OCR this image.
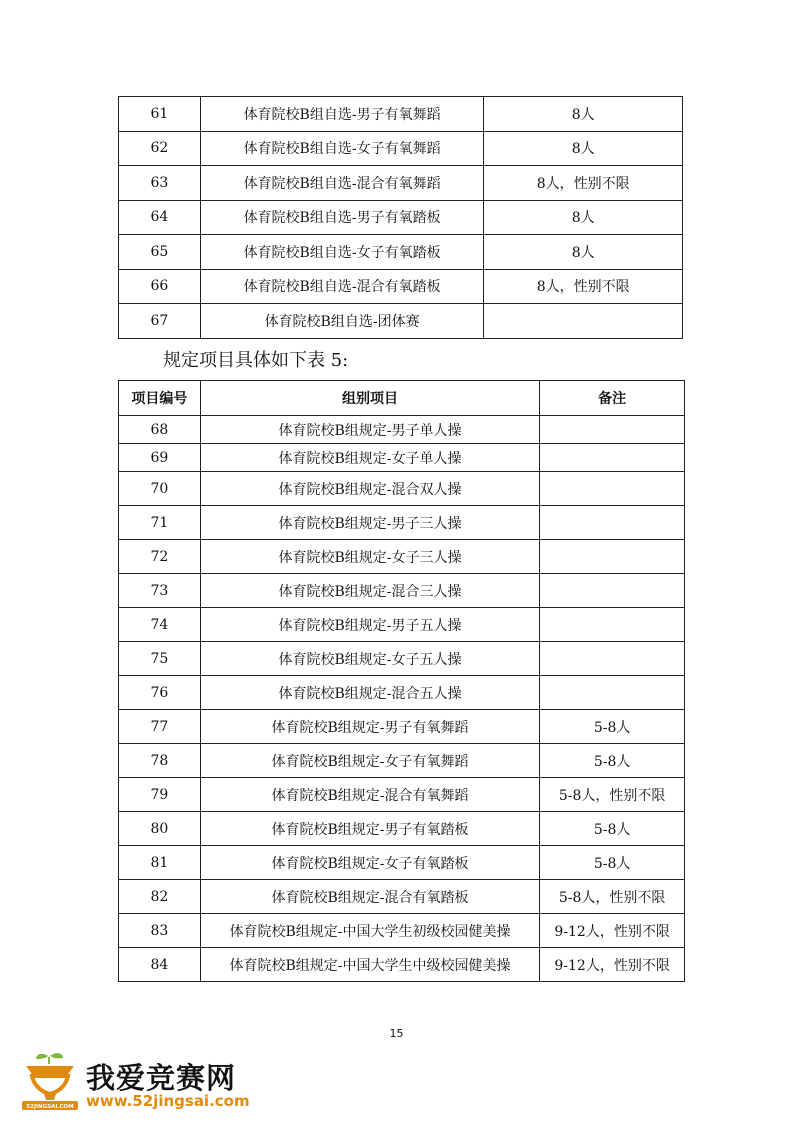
61	体育院校B组自选-男子有氧舞蹈	8人
62	体育院校B组自选-女子有氧舞蹈	8人
63	体育院校B组自选-混合有氧舞蹈	8人，性别不限
64	体育院校B组自选-男子有氧踏板	8人
65	体育院校B组自选-女子有氧踏板	8人
66	体育院校B组自选-混合有氧踏板	8人，性别不限
67	体育院校B组自选-团体赛	
规定项目具体如下表 5:
项目编号	组别项目	备注
68	体育院校B组规定-男子单人操	
69	体育院校B组规定-女子单人操	
70	体育院校B组规定-混合双人操	
71	体育院校B组规定-男子三人操	
72	体育院校B组规定-女子三人操	
73	体育院校B组规定-混合三人操	
74	体育院校B组规定-男子五人操	
75	体育院校B组规定-女子五人操	
76	体育院校B组规定-混合五人操	
77	体育院校B组规定-男子有氧舞蹈	5-8人
78	体育院校B组规定-女子有氧舞蹈	5-8人
79	体育院校B组规定-混合有氧舞蹈	5-8人，性别不限
80	体育院校B组规定-男子有氧踏板	5-8人
81	体育院校B组规定-女子有氧踏板	5-8人
82	体育院校B组规定-混合有氧踏板	5-8人，性别不限
83	体育院校B组规定-中国大学生初级校园健美操	9-12人，性别不限
84	体育院校B组规定-中国大学生中级校园健美操	9-12人，性别不限
15
52JINGSAI.COM
我爱竞赛网
www.52jingsai.com
